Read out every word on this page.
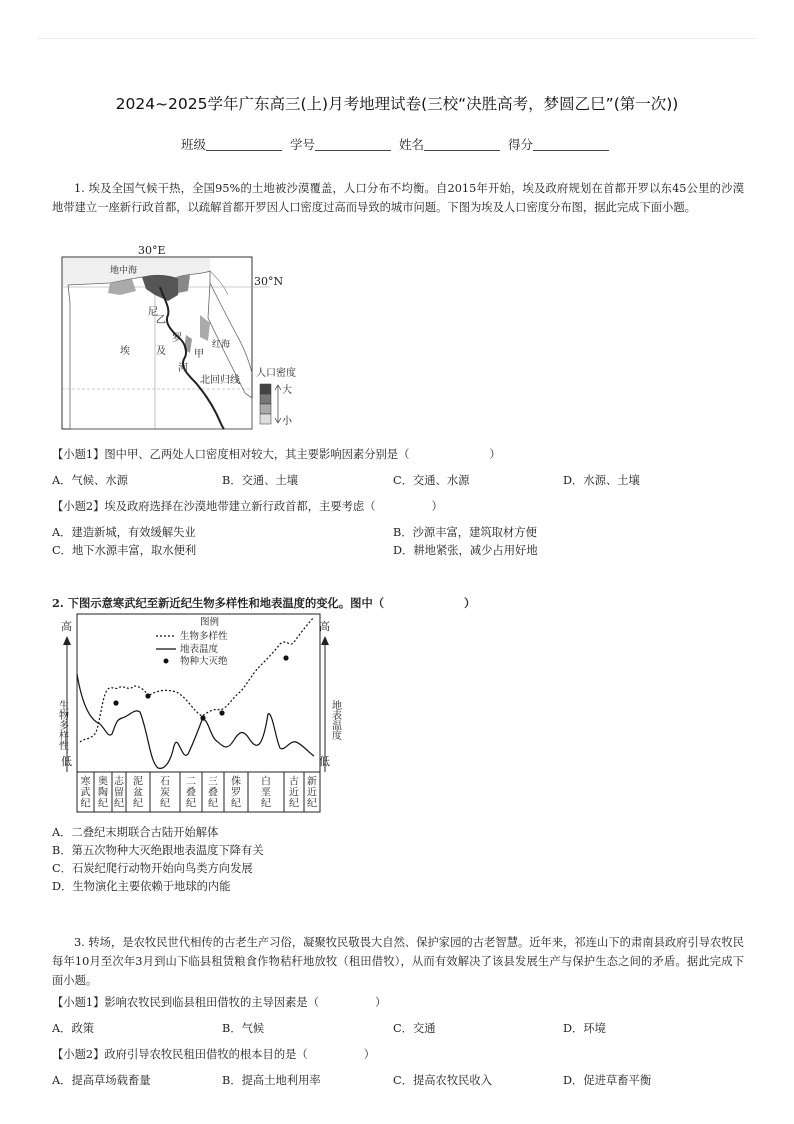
2024~2025学年广东高三(上)月考地理试卷(三校“决胜高考，梦圆乙巳”(第一次))
班级	学号	姓名	得分
1. 埃及全国气候干热，全国95%的土地被沙漠覆盖，人口分布不均衡。自2015年开始，埃及政府规划在首都开罗以东45公里的沙漠地带建立一座新行政首都，以疏解首都开罗因人口密度过高而导致的城市问题。下图为埃及人口密度分布图，据此完成下面小题。
30°E
30°N
地中海
红海
埃	及
尼
罗
河
乙
甲
北回归线
人口密度
大
小
【小题1】图中甲、乙两处人口密度相对较大，其主要影响因素分别是（	）
A．气候、水源	B．交通、土壤	C．交通、水源	D．水源、土壤
【小题2】埃及政府选择在沙漠地带建立新行政首都，主要考虑（	）
A．建造新城，有效缓解失业	B．沙源丰富，建筑取材方便
C．地下水源丰富，取水便利	D．耕地紧张，减少占用好地
2. 下图示意寒武纪至新近纪生物多样性和地表温度的变化。图中（	）
高	高
低	低
生物多样性	地表温度
寒武纪
奥陶纪
志留纪
泥盆纪
石炭纪
二叠纪
三叠纪
侏罗纪
白垩纪
古近纪
新近纪
图例
生物多样性
地表温度
物种大灭绝
A．二叠纪末期联合古陆开始解体
B．第五次物种大灭绝跟地表温度下降有关
C．石炭纪爬行动物开始向鸟类方向发展
D．生物演化主要依赖于地球的内能
3. 转场，是农牧民世代相传的古老生产习俗，凝聚牧民敬畏大自然、保护家园的古老智慧。近年来，祁连山下的肃南县政府引导农牧民每年10月至次年3月到山下临县租赁粮食作物秸秆地放牧（租田借牧），从而有效解决了该县发展生产与保护生态之间的矛盾。据此完成下面小题。
【小题1】影响农牧民到临县租田借牧的主导因素是（	）
A．政策	B．气候	C．交通	D．环境
【小题2】政府引导农牧民租田借牧的根本目的是（	）
A．提高草场载畜量	B．提高土地利用率	C．提高农牧民收入	D．促进草畜平衡
